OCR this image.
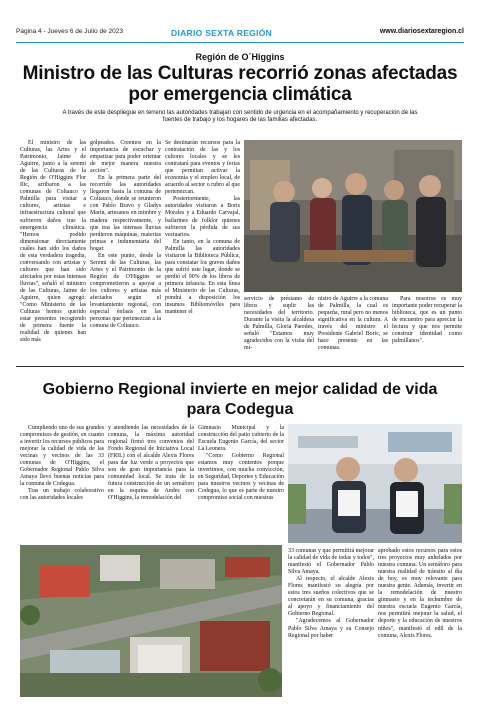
Página 4 - Jueves 6 de Julio de 2023	DIARIO SEXTA REGIÓN	www.diariosextaregion.cl
Región de O´Higgins
Ministro de las Culturas recorrió zonas afectadas por emergencia climática
A través de este despliegue en terreno las autoridades trabajan con sentido de urgencia en el acompañamiento y recuperación de las fuentes de trabajo y los hogares de las familias afectadas.

El ministro de las Culturas, las Artes y el Patrimonio, Jaime de Aguirre, junto a la seremi de las Culturas de la Región de O'Higgins Flor Ilic, arribaron a las comunas de Coltauco y Palmilla para visitar a cultores, artistas e infraestructura cultural que sufrieron daños tras la emergencia climática. "Hemos podido dimensionar directamente cuáles han sido los daños de esta verdadera tragedia, conversando con artistas y cultores que han sido afectados por estas intensas lluvias", señaló el ministro de las Culturas, Jaime de Aguirre, quien agregó: "Como Ministerio de las Culturas hemos querido estar presentes recogiendo de primera fuente la realidad de quienes han sido más

golpeados. Creemos en la importancia de escuchar y empatizar para poder orientar de mejor manera nuestra acción".

En la primera parte del recorrido las autoridades llegaron hasta la comuna de Coltauco, donde se reunieron con Pablo Bravo y Gladys Marín, artesanos en mimbre y madera respectivamente, y que tras las intensas lluvias perdieron máquinas, materias primas e indumentaria del hogar.

En este punto, desde la Seremi de las Culturas, las Artes y el Patrimonio de la Región de O'Higgins se comprometieron a apoyar a los cultores y artistas más afectados según el levantamiento regional, con especial énfasis en las personas que pertenezcan a la comuna de Coltauco.

Se destinarán recursos para la contratación de las y los cultores locales y se les contratará para eventos y ferias que permitan activar la economía y el empleo local, de acuerdo al sector o rubro al que pertenezcan.

Posteriormente, las autoridades visitaron a Boris Morales y a Eduardo Carvajal, bailarines de folklor quienes sufrieron la pérdida de sus vestuarios.

En tanto, en la comuna de Palmilla las autoridades visitaron la Biblioteca Pública, para constatar los graves daños que sufrió este lugar, donde se perdió el 90% de los libros de primera infancia. En esta línea el Ministerio de las Culturas, pondrá a disposición los insumos Bibliomóviles para mantener el

servicio de préstamo de libros y suplir las necesidades del territorio. Durante la visita la alcaldesa de Palmilla, Gloria Paredes, señaló "Estamos muy agradecidos con la visita del mi-

nistro de Aguirre a la comuna de Palmilla, la cual es pequeña, rural pero no menos significativa en la cultura. A través del ministro el Presidente Gabriel Boric, se hace presente en las comunas.

Para nosotros es muy importante poder recuperar la biblioteca, que es un punto de encuentro para apreciar la lectura y que nos permite construir identidad como palmillanos".

Gobierno Regional invierte en mejor calidad de vida para Codegua

Cumpliendo uno de sus grandes compromisos de gestión, en cuanto a invertir los recursos públicos para mejorar la calidad de vida de las vecinas y vecinos de las 33 comunas de O'Higgins, el Gobernador Regional Pablo Silva Amaya llevó buenas noticias para la comuna de Codegua.

Tras un trabajo colaborativo con las autoridades locales

y atendiendo las necesidades de la comuna, la máxima autoridad regional firmó tres convenios del Fondo Regional de Iniciativa Local (FRIL) con el alcalde Alexis Flores para dar luz verde a proyectos que son de gran importancia para la comunidad local. Se trata de la futura construcción de un semáforo en la esquina de Andes con O'Higgins, la remodelación del

Gimnasio Municipal y la construcción del patio cubierto de la Escuela Eugenio García, del sector La Leonera.

"Como Gobierno Regional estamos muy contentos porque invertimos, con mucha convicción, en Seguridad, Deportes y Educación para nuestros vecinos y vecinas de Codegua, lo que es parte de nuestro compromiso social con nuestras

33 comunas y que permitirá mejorar la calidad de vida de todas y todos", manifestó el Gobernador Pablo Silva Amaya.

Al respecto, el alcalde Alexis Flores manifestó su alegría por estos tres sueños colectivos que se concretarán en su comuna, gracias al apoyo y financiamiento del Gobierno Regional.

"Agradecemos al Gobernador Pablo Silva Amaya y su Consejo Regional por haber

aprobado estos recursos para estos tres proyectos muy anhelados por nuestra comuna. Un semáforo para nuestra realidad de tránsito al día de hoy, es muy relevante para nuestra gente. Además, invertir en la remodelación de nuestro gimnasio y en la techumbre de nuestra escuela Eugenio García, nos permitirá mejorar la salud, el deporte y la educación de nuestros niños", manifestó el edil de la comuna, Alexis Flores.
